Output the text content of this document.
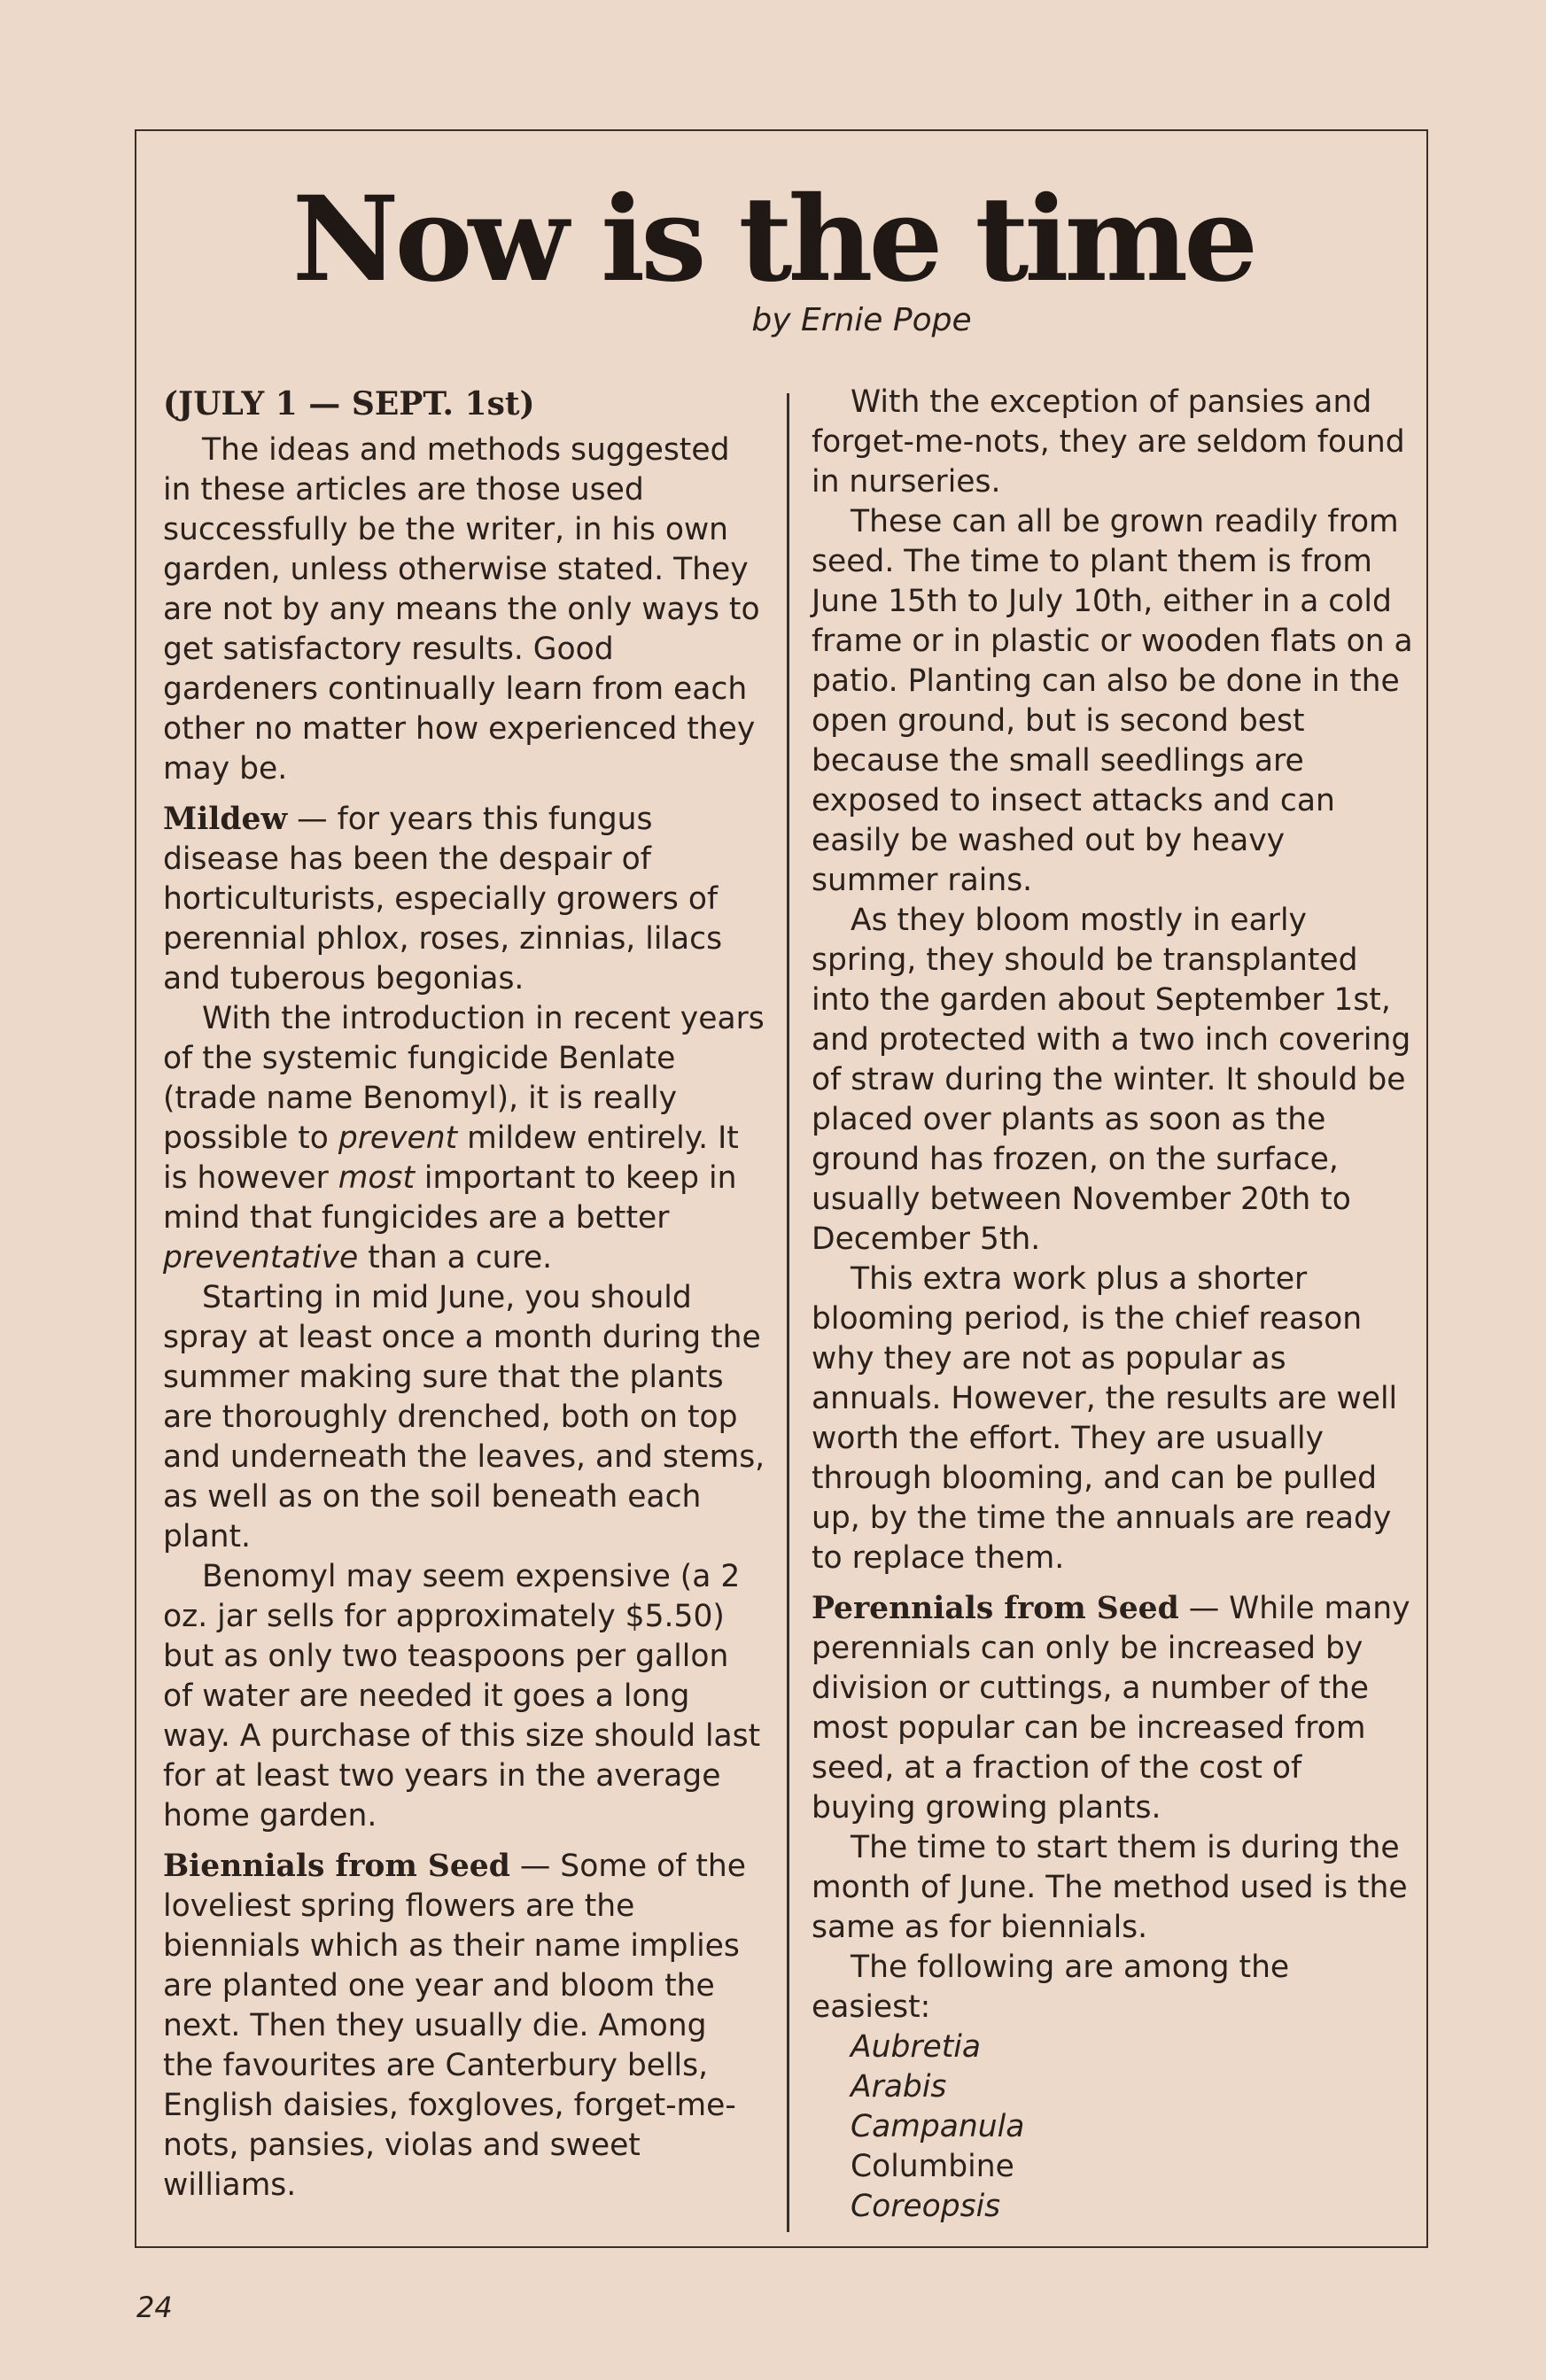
Now is the time
by Ernie Pope

(JULY 1 — SEPT. 1st)

The ideas and methods suggested in these articles are those used successfully be the writer, in his own garden, unless otherwise stated. They are not by any means the only ways to get satisfactory results. Good gardeners continually learn from each other no matter how experienced they may be.

Mildew — for years this fungus disease has been the despair of horticulturists, especially growers of perennial phlox, roses, zinnias, lilacs and tuberous begonias.

With the introduction in recent years of the systemic fungicide Benlate (trade name Benomyl), it is really possible to prevent mildew entirely. It is however most important to keep in mind that fungicides are a better preventative than a cure.

Starting in mid June, you should spray at least once a month during the summer making sure that the plants are thoroughly drenched, both on top and underneath the leaves, and stems, as well as on the soil beneath each plant.

Benomyl may seem expensive (a 2 oz. jar sells for approximately $5.50) but as only two teaspoons per gallon of water are needed it goes a long way. A purchase of this size should last for at least two years in the average home garden.

Biennials from Seed — Some of the loveliest spring flowers are the biennials which as their name implies are planted one year and bloom the next. Then they usually die. Among the favourites are Canterbury bells, English daisies, foxgloves, forget-me-nots, pansies, violas and sweet williams.

With the exception of pansies and forget-me-nots, they are seldom found in nurseries.

These can all be grown readily from seed. The time to plant them is from June 15th to July 10th, either in a cold frame or in plastic or wooden flats on a patio. Planting can also be done in the open ground, but is second best because the small seedlings are exposed to insect attacks and can easily be washed out by heavy summer rains.

As they bloom mostly in early spring, they should be transplanted into the garden about September 1st, and protected with a two inch covering of straw during the winter. It should be placed over plants as soon as the ground has frozen, on the surface, usually between November 20th to December 5th.

This extra work plus a shorter blooming period, is the chief reason why they are not as popular as annuals. However, the results are well worth the effort. They are usually through blooming, and can be pulled up, by the time the annuals are ready to replace them.

Perennials from Seed — While many perennials can only be increased by division or cuttings, a number of the most popular can be increased from seed, at a fraction of the cost of buying growing plants.

The time to start them is during the month of June. The method used is the same as for biennials.

The following are among the easiest:

Aubretia
Arabis
Campanula
Columbine
Coreopsis
24
